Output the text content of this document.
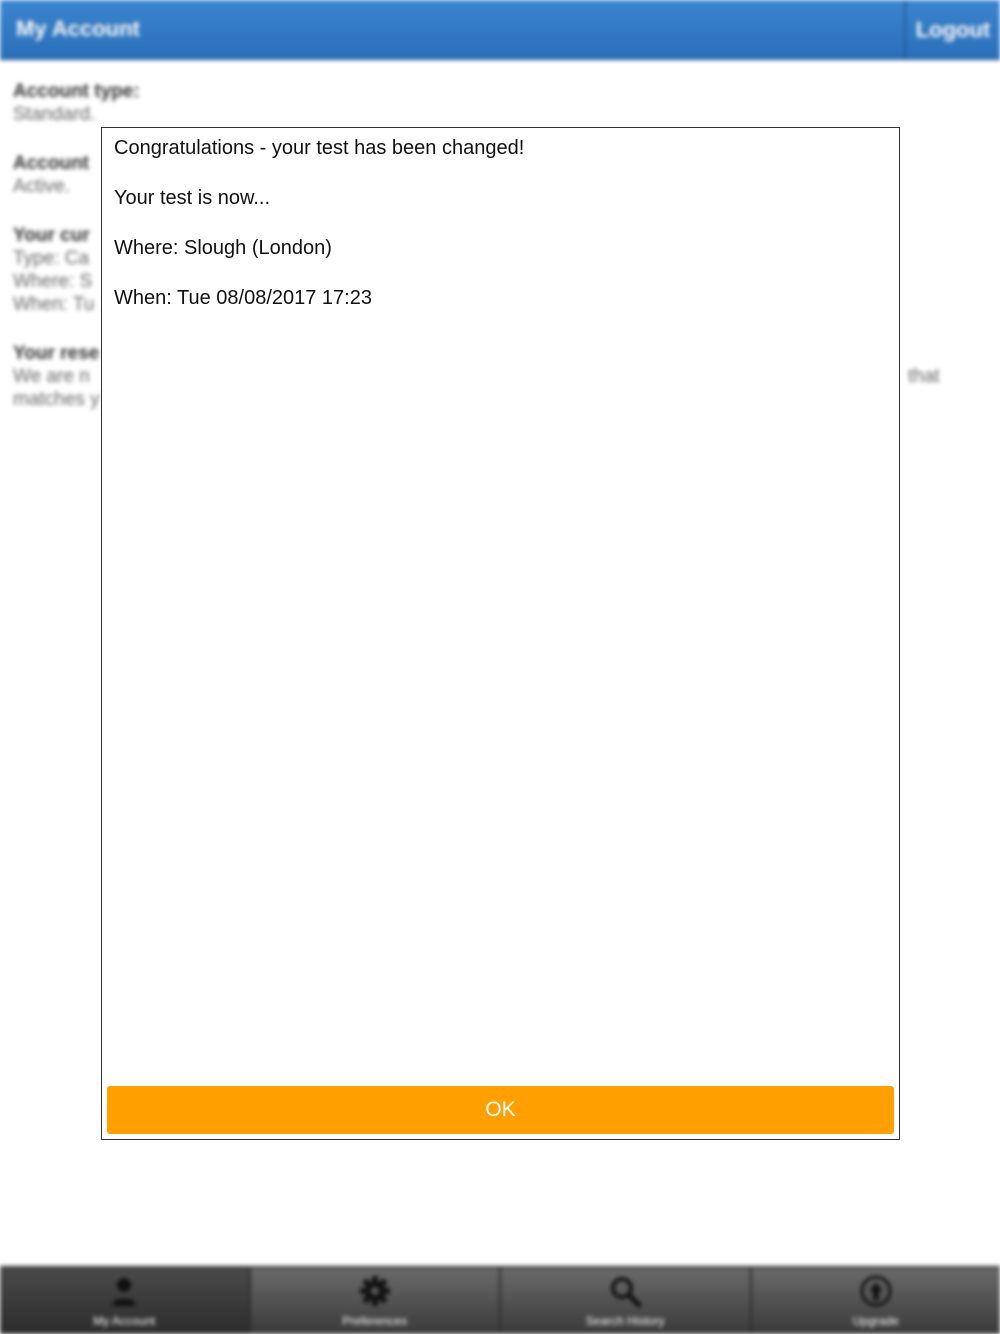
My Account	Logout
Account type:
Standard.
Account
Active.
Your cur
Type: Ca
Where: S
When: Tu
Your rese
We are n
matches y
that
My Account	Preferences	Search History	Upgrade

Congratulations - your test has been changed!

Your test is now...

Where: Slough (London)

When: Tue 08/08/2017 17:23

OK
